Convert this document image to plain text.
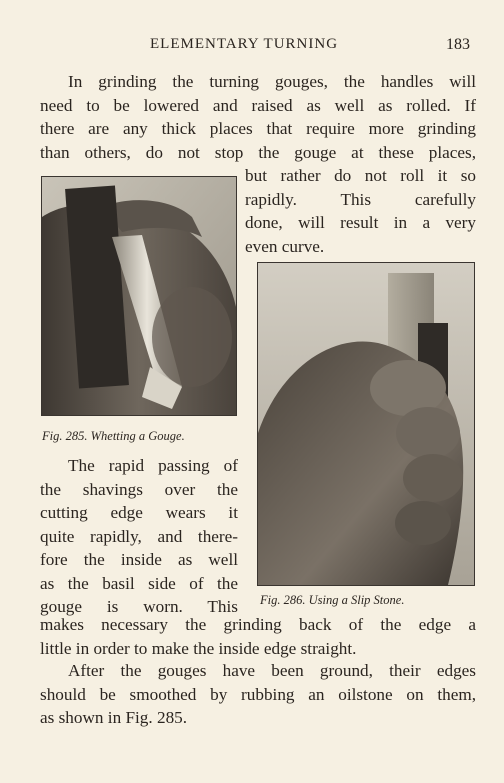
ELEMENTARY TURNING	183
In grinding the turning gouges, the handles will
need to be lowered and raised as well as rolled. If
there are any thick places that require more grinding
than others, do not stop the gouge at these places,
but rather do not roll it so
rapidly. This carefully
done, will result in a very
even curve.
Fig. 285. Whetting a Gouge.
Fig. 286. Using a Slip Stone.
The rapid passing of
the shavings over the
cutting edge wears it
quite rapidly, and there-
fore the inside as well
as the basil side of the
gouge is worn. This
makes necessary the grinding back of the edge a
little in order to make the inside edge straight.
After the gouges have been ground, their edges
should be smoothed by rubbing an oilstone on them,
as shown in Fig. 285.
